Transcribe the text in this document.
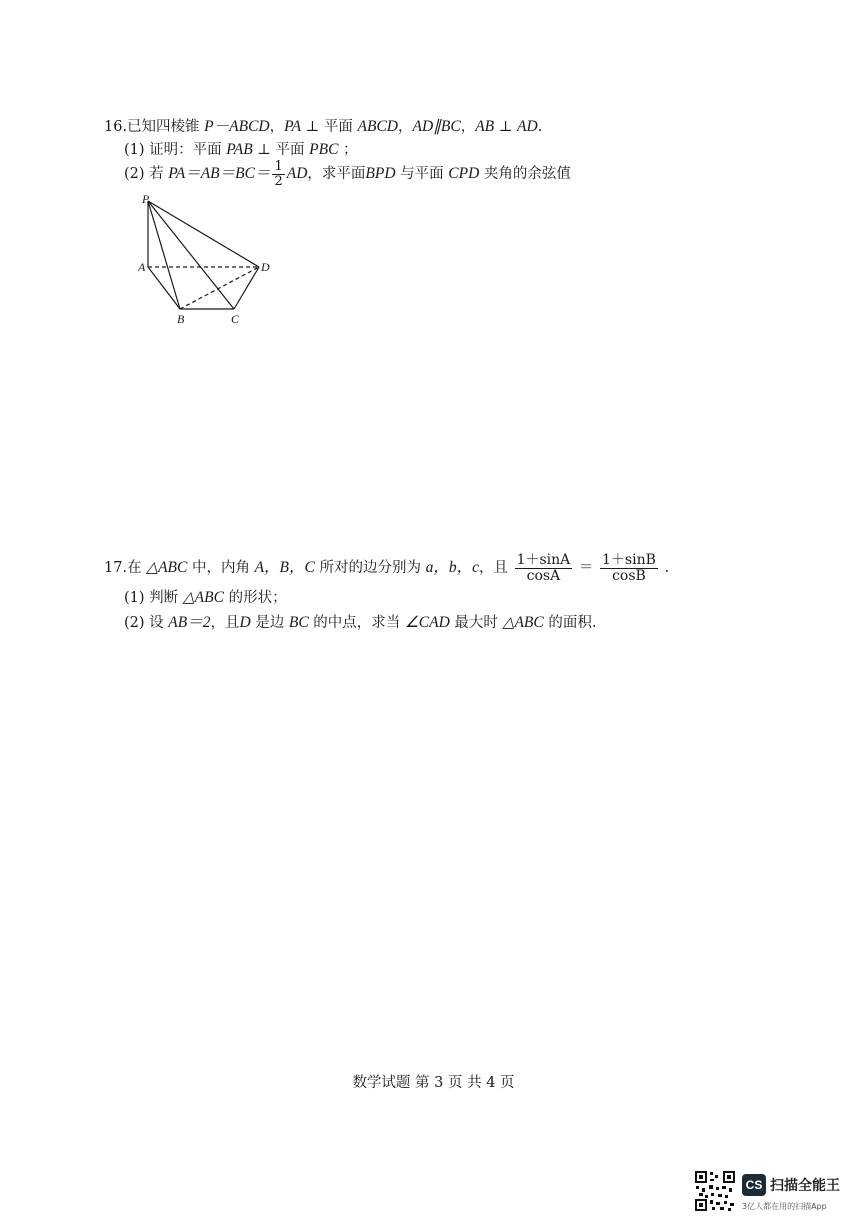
16.已知四棱锥 P－ABCD，PA ⊥ 平面 ABCD，AD∥BC，AB ⊥ AD.
(1) 证明：平面 PAB ⊥ 平面 PBC ；
(2) 若 $PA=AB=BC= \frac{1}{2}$ AD，求平面BPD 与平面 CPD 夹角的余弦值
P
A
B	C
D
17.在 △ABC 中，内角 A，B，C 所对的边分别为 a，b，c，且 $\frac{1+\sin A}{\cos A} = \frac{1+\sin B}{\cos B}$ .
(1) 判断 △ABC 的形状；
(2) 设 AB＝2，且D 是边 BC 的中点，求当 ∠CAD 最大时 △ABC 的面积.
数学试题 第 3 页 共 4 页
CS 扫描全能王
3亿人都在用的扫描App
